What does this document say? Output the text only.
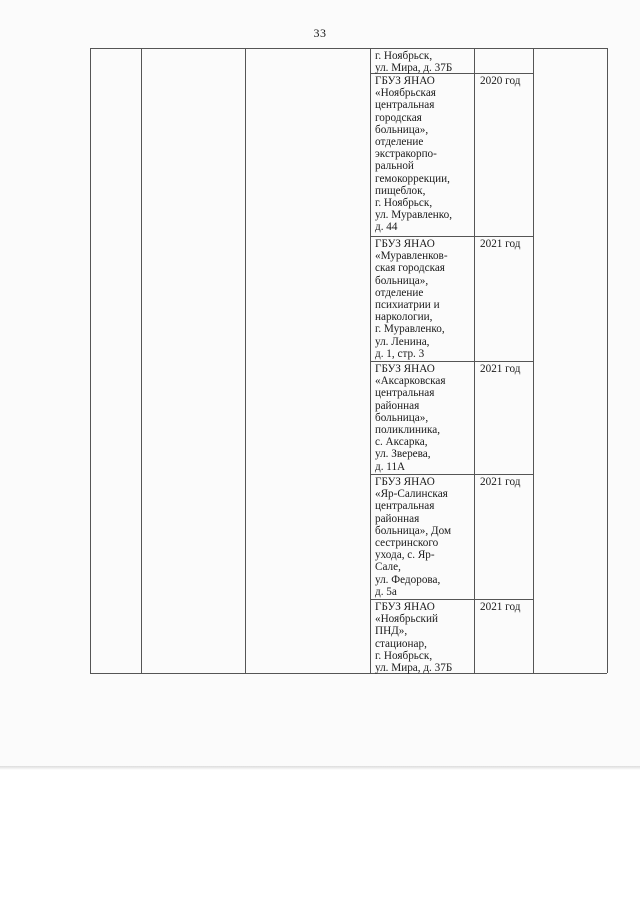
33
г. Ноябрьск,
ул. Мира, д. 37Б
ГБУЗ ЯНАО
«Ноябрьская
центральная
городская
больница»,
отделение
экстракорпо-
ральной
гемокоррекции,
пищеблок,
г. Ноябрьск,
ул. Муравленко,
д. 44
2020 год
ГБУЗ ЯНАО
«Муравленков-
ская городская
больница»,
отделение
психиатрии и
наркологии,
г. Муравленко,
ул. Ленина,
д. 1, стр. 3
2021 год
ГБУЗ ЯНАО
«Аксарковская
центральная
районная
больница»,
поликлиника,
с. Аксарка,
ул. Зверева,
д. 11А
2021 год
ГБУЗ ЯНАО
«Яр-Салинская
центральная
районная
больница», Дом
сестринского
ухода, с. Яр-
Сале,
ул. Федорова,
д. 5а
2021 год
ГБУЗ ЯНАО
«Ноябрьский
ПНД»,
стационар,
г. Ноябрьск,
ул. Мира, д. 37Б
2021 год
